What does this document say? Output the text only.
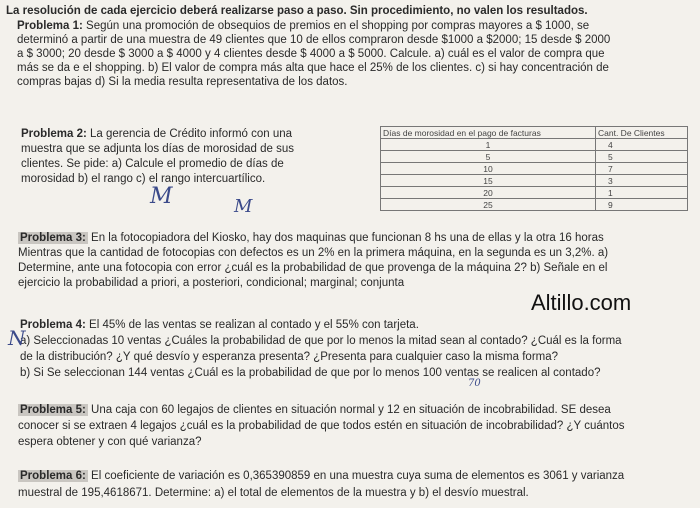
La resolución de cada ejercicio deberá realizarse paso a paso. Sin procedimiento, no valen los resultados.
Problema 1: Según una promoción de obsequios de premios en el shopping por compras mayores a $ 1000, se
determinó a partir de una muestra de 49 clientes que 10 de ellos compraron desde $1000 a $2000; 15 desde $ 2000
a $ 3000; 20 desde $ 3000 a $ 4000 y 4 clientes desde $ 4000 a $ 5000. Calcule. a) cuál es el valor de compra que
más se da e el shopping. b) El valor de compra más alta que hace el 25% de los clientes. c) si hay concentración de
compras bajas d) Si la media resulta representativa de los datos.
Problema 2: La gerencia de Crédito informó con una
muestra que se adjunta los días de morosidad de sus
clientes. Se pide: a) Calcule el promedio de días de
morosidad b) el rango c) el rango intercuartílico.
Días de morosidad en el pago de facturas	Cant. De Clientes
1	4
5	5
10	7
15	3
20	1
25	9
M	M
Problema 3: En la fotocopiadora del Kiosko, hay dos maquinas que funcionan 8 hs una de ellas y la otra 16 horas
Mientras que la cantidad de fotocopias con defectos es un 2% en la primera máquina, en la segunda es un 3,2%. a)
Determine, ante una fotocopia con error ¿cuál es la probabilidad de que provenga de la máquina 2? b) Señale en el
ejercicio la probabilidad a priori, a posteriori, condicional; marginal; conjunta
Altillo.com
Problema 4: El 45% de las ventas se realizan al contado y el 55% con tarjeta.
a) Seleccionadas 10 ventas ¿Cuáles la probabilidad de que por lo menos la mitad sean al contado? ¿Cuál es la forma
de la distribución? ¿Y qué desvío y esperanza presenta? ¿Presenta para cualquier caso la misma forma?
b) Si Se seleccionan 144 ventas ¿Cuál es la probabilidad de que por lo menos 100 ventas se realicen al contado?
N
70
Problema 5: Una caja con 60 legajos de clientes en situación normal y 12 en situación de incobrabilidad. SE desea
conocer si se extraen 4 legajos ¿cuál es la probabilidad de que todos estén en situación de incobrabilidad? ¿Y cuántos
espera obtener y con qué varianza?
Problema 6: El coeficiente de variación es 0,365390859 en una muestra cuya suma de elementos es 3061 y varianza
muestral de 195,4618671. Determine: a) el total de elementos de la muestra y b) el desvío muestral.
